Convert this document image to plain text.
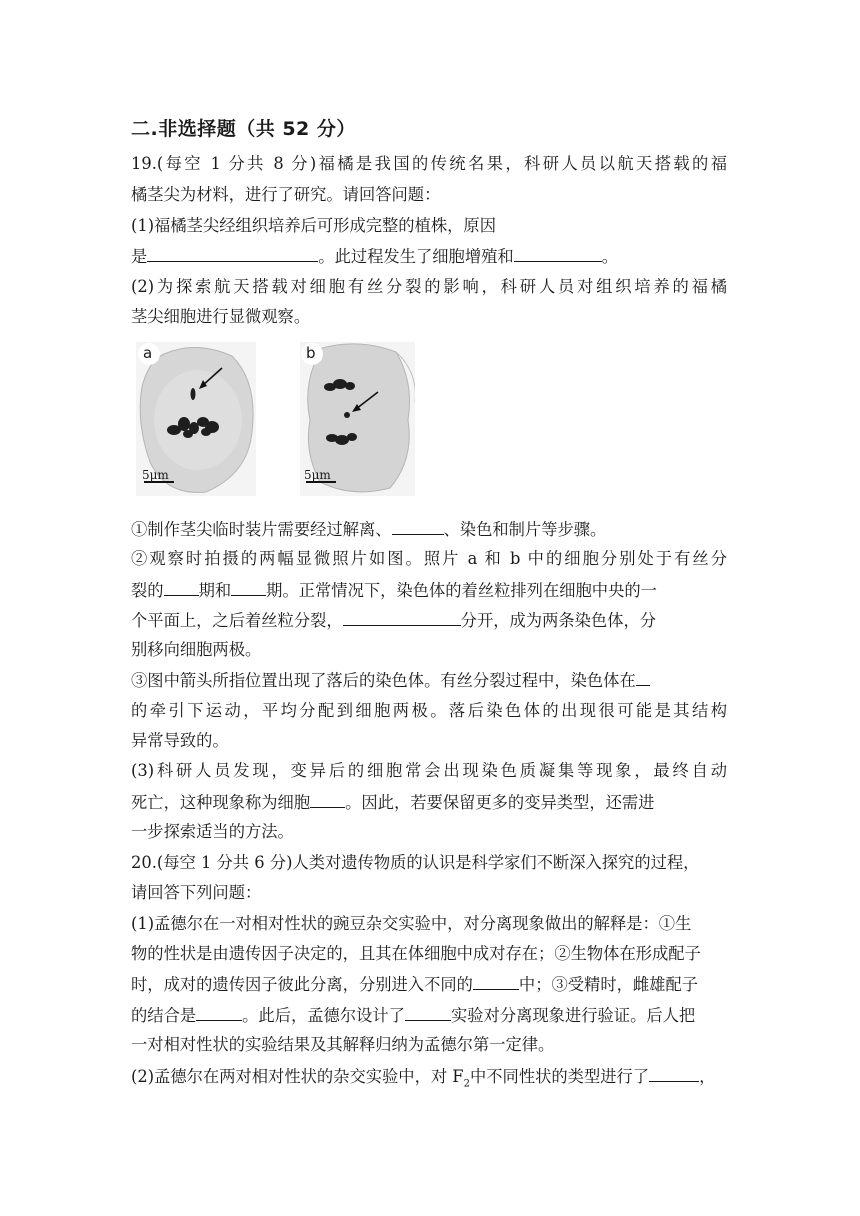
二.非选择题（共 52 分）
19.(每空 1 分共 8 分)福橘是我国的传统名果，科研人员以航天搭载的福
橘茎尖为材料，进行了研究。请回答问题：
(1)福橘茎尖经组织培养后可形成完整的植株，原因
是	。此过程发生了细胞增殖和	。
(2)为探索航天搭载对细胞有丝分裂的影响，科研人员对组织培养的福橘
茎尖细胞进行显微观察。
a
5μm
b
5μm
①制作茎尖临时装片需要经过解离、	、染色和制片等步骤。
②观察时拍摄的两幅显微照片如图。照片 a 和 b 中的细胞分别处于有丝分
裂的 期和 期。正常情况下，染色体的着丝粒排列在细胞中央的一
个平面上，之后着丝粒分裂，	分开，成为两条染色体，分
别移向细胞两极。
③图中箭头所指位置出现了落后的染色体。有丝分裂过程中，染色体在
的牵引下运动，平均分配到细胞两极。落后染色体的出现很可能是其结构
异常导致的。
(3)科研人员发现，变异后的细胞常会出现染色质凝集等现象，最终自动
死亡，这种现象称为细胞 。因此，若要保留更多的变异类型，还需进
一步探索适当的方法。
20.(每空 1 分共 6 分)人类对遗传物质的认识是科学家们不断深入探究的过程，
请回答下列问题：
(1)孟德尔在一对相对性状的豌豆杂交实验中，对分离现象做出的解释是：①生
物的性状是由遗传因子决定的，且其在体细胞中成对存在；②生物体在形成配子
时，成对的遗传因子彼此分离，分别进入不同的	中；③受精时，雌雄配子
的结合是	。此后，孟德尔设计了	实验对分离现象进行验证。后人把
一对相对性状的实验结果及其解释归纳为孟德尔第一定律。
(2)孟德尔在两对相对性状的杂交实验中，对 $F_2$中不同性状的类型进行了	，
